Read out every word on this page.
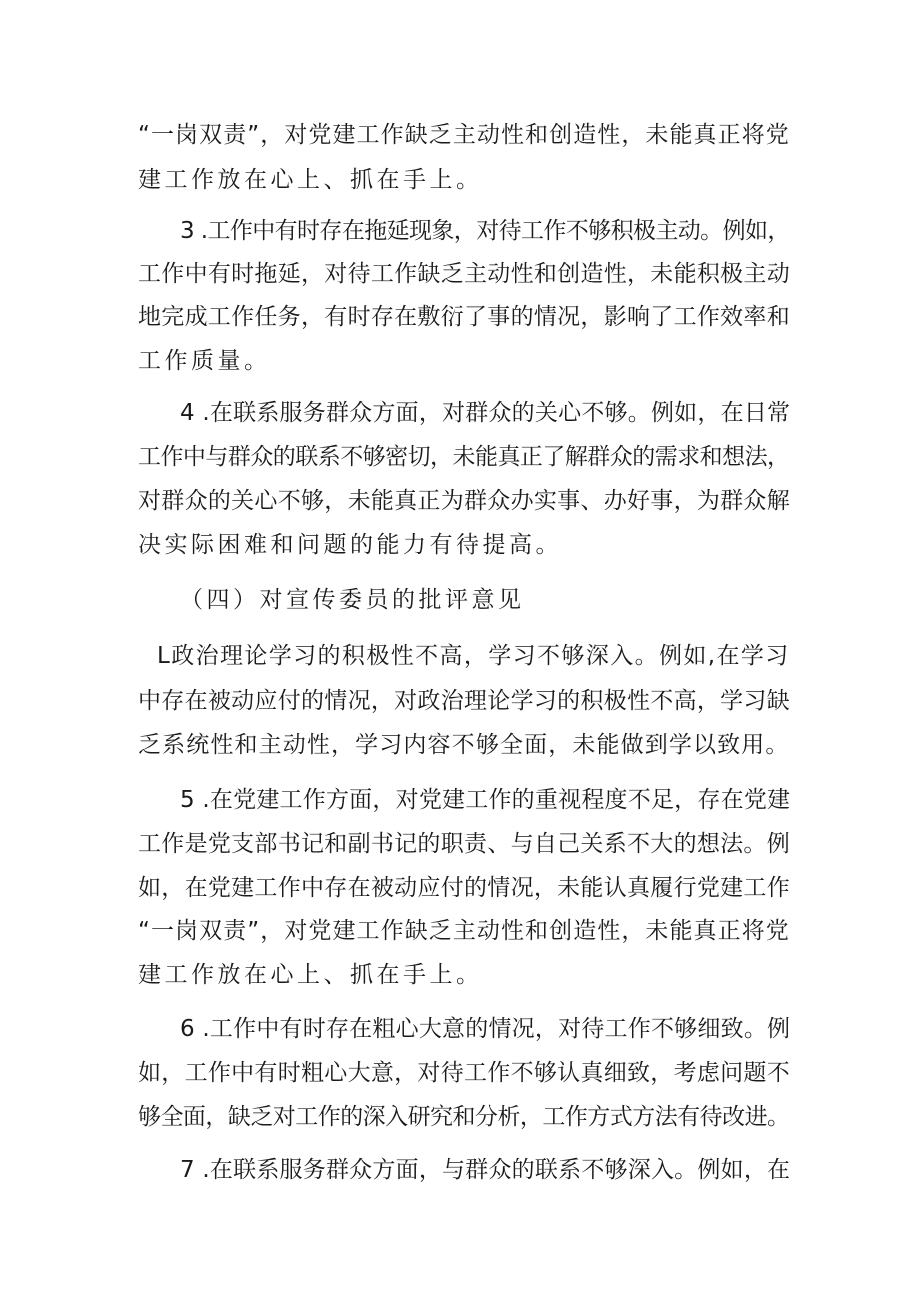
“一岗双责”，对党建工作缺乏主动性和创造性，未能真正将党
建工作放在心上、抓在手上。
3 .工作中有时存在拖延现象，对待工作不够积极主动。例如，
工作中有时拖延，对待工作缺乏主动性和创造性，未能积极主动
地完成工作任务，有时存在敷衍了事的情况，影响了工作效率和
工作质量。
4 .在联系服务群众方面，对群众的关心不够。例如，在日常
工作中与群众的联系不够密切，未能真正了解群众的需求和想法，
对群众的关心不够，未能真正为群众办实事、办好事，为群众解
决实际困难和问题的能力有待提高。
（四）对宣传委员的批评意见
L政治理论学习的积极性不高，学习不够深入。例如,在学习
中存在被动应付的情况，对政治理论学习的积极性不高，学习缺
乏系统性和主动性，学习内容不够全面，未能做到学以致用。
5 .在党建工作方面，对党建工作的重视程度不足，存在党建
工作是党支部书记和副书记的职责、与自己关系不大的想法。例
如，在党建工作中存在被动应付的情况，未能认真履行党建工作
“一岗双责”，对党建工作缺乏主动性和创造性，未能真正将党
建工作放在心上、抓在手上。
6 .工作中有时存在粗心大意的情况，对待工作不够细致。例
如，工作中有时粗心大意，对待工作不够认真细致，考虑问题不
够全面，缺乏对工作的深入研究和分析，工作方式方法有待改进。
7 .在联系服务群众方面，与群众的联系不够深入。例如，在
